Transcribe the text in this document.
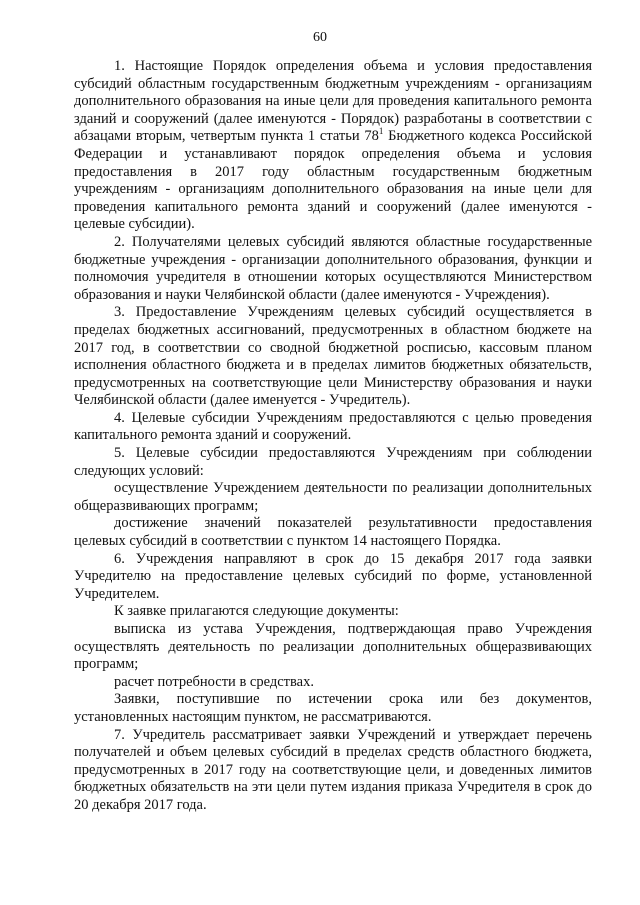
60

1. Настоящие Порядок определения объема и условия предоставления субсидий областным государственным бюджетным учреждениям - организациям дополнительного образования на иные цели для проведения капитального ремонта зданий и сооружений (далее именуются - Порядок) разработаны в соответствии с абзацами вторым, четвертым пункта 1 статьи $78^1$ Бюджетного кодекса Российской Федерации и устанавливают порядок определения объема и условия предоставления в 2017 году областным государственным бюджетным учреждениям - организациям дополнительного образования на иные цели для проведения капитального ремонта зданий и сооружений (далее именуются - целевые субсидии).

2. Получателями целевых субсидий являются областные государственные бюджетные учреждения - организации дополнительного образования, функции и полномочия учредителя в отношении которых осуществляются Министерством образования и науки Челябинской области (далее именуются - Учреждения).

3. Предоставление Учреждениям целевых субсидий осуществляется в пределах бюджетных ассигнований, предусмотренных в областном бюджете на 2017 год, в соответствии со сводной бюджетной росписью, кассовым планом исполнения областного бюджета и в пределах лимитов бюджетных обязательств, предусмотренных на соответствующие цели Министерству образования и науки Челябинской области (далее именуется - Учредитель).

4. Целевые субсидии Учреждениям предоставляются с целью проведения капитального ремонта зданий и сооружений.

5. Целевые субсидии предоставляются Учреждениям при соблюдении следующих условий:

осуществление Учреждением деятельности по реализации дополнительных общеразвивающих программ;

достижение значений показателей результативности предоставления целевых субсидий в соответствии с пунктом 14 настоящего Порядка.

6. Учреждения направляют в срок до 15 декабря 2017 года заявки Учредителю на предоставление целевых субсидий по форме, установленной Учредителем.

К заявке прилагаются следующие документы:

выписка из устава Учреждения, подтверждающая право Учреждения осуществлять деятельность по реализации дополнительных общеразвивающих программ;

расчет потребности в средствах.

Заявки, поступившие по истечении срока или без документов, установленных настоящим пунктом, не рассматриваются.

7. Учредитель рассматривает заявки Учреждений и утверждает перечень получателей и объем целевых субсидий в пределах средств областного бюджета, предусмотренных в 2017 году на соответствующие цели, и доведенных лимитов бюджетных обязательств на эти цели путем издания приказа Учредителя в срок до 20 декабря 2017 года.
